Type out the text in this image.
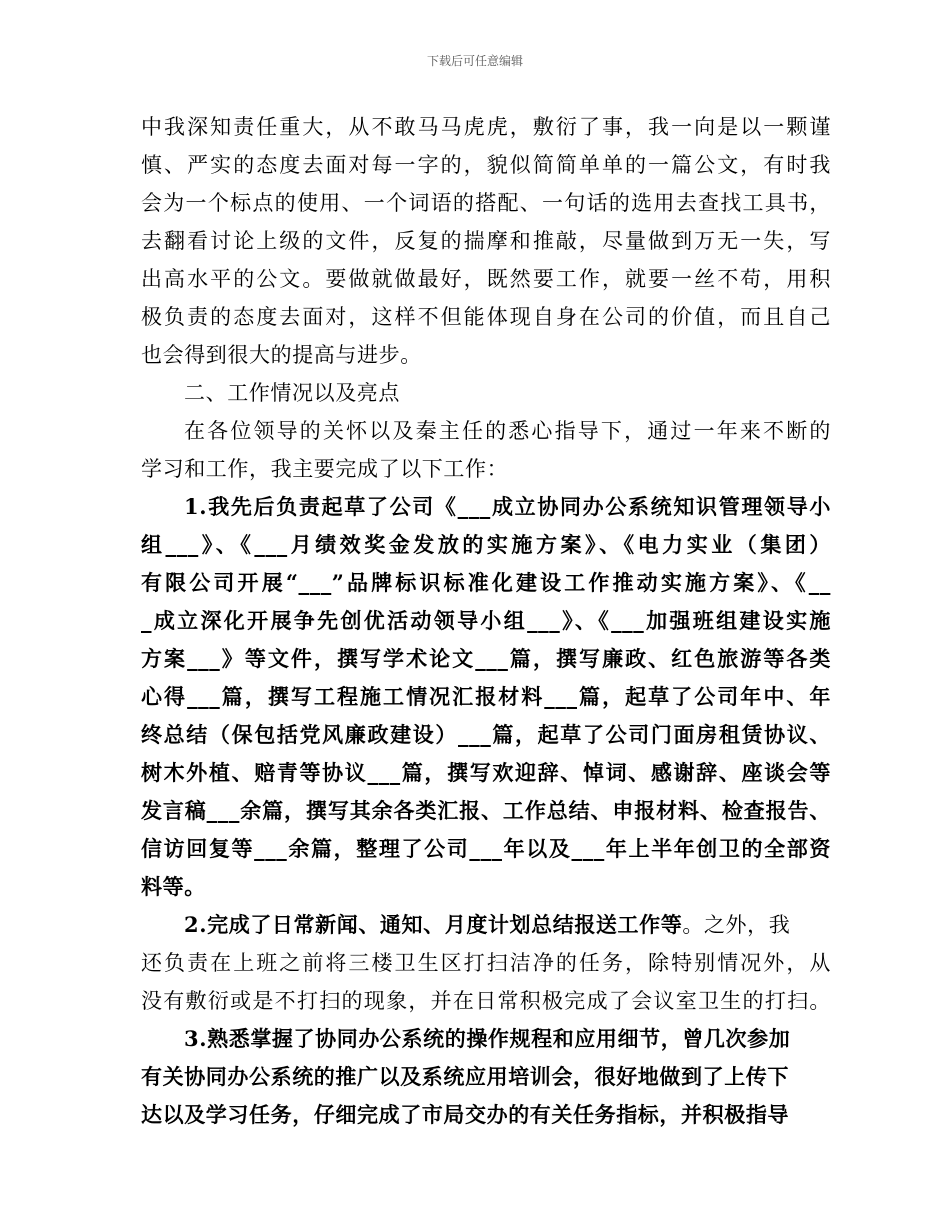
下载后可任意编辑
中我深知责任重大，从不敢马马虎虎，敷衍了事，我一向是以一颗谨
慎、严实的态度去面对每一字的，貌似简简单单的一篇公文，有时我
会为一个标点的使用、一个词语的搭配、一句话的选用去查找工具书，
去翻看讨论上级的文件，反复的揣摩和推敲，尽量做到万无一失，写
出高水平的公文。要做就做最好，既然要工作，就要一丝不苟，用积
极负责的态度去面对，这样不但能体现自身在公司的价值，而且自己
也会得到很大的提高与进步。
二、工作情况以及亮点
在各位领导的关怀以及秦主任的悉心指导下，通过一年来不断的
学习和工作，我主要完成了以下工作：
1.我先后负责起草了公司《___成立协同办公系统知识管理领导小
组___》、《___月绩效奖金发放的实施方案》、《电力实业（集团）
有限公司开展“___”品牌标识标准化建设工作推动实施方案》、《__
_成立深化开展争先创优活动领导小组___》、《___加强班组建设实施
方案___》等文件，撰写学术论文___篇，撰写廉政、红色旅游等各类
心得___篇，撰写工程施工情况汇报材料___篇，起草了公司年中、年
终总结（保包括党风廉政建设）___篇，起草了公司门面房租赁协议、
树木外植、赔青等协议___篇，撰写欢迎辞、悼词、感谢辞、座谈会等
发言稿___余篇，撰写其余各类汇报、工作总结、申报材料、检查报告、
信访回复等___余篇，整理了公司___年以及___年上半年创卫的全部资
料等。
2.完成了日常新闻、通知、月度计划总结报送工作等。之外，我
还负责在上班之前将三楼卫生区打扫洁净的任务，除特别情况外，从
没有敷衍或是不打扫的现象，并在日常积极完成了会议室卫生的打扫。
3.熟悉掌握了协同办公系统的操作规程和应用细节，曾几次参加
有关协同办公系统的推广以及系统应用培训会，很好地做到了上传下
达以及学习任务，仔细完成了市局交办的有关任务指标，并积极指导
